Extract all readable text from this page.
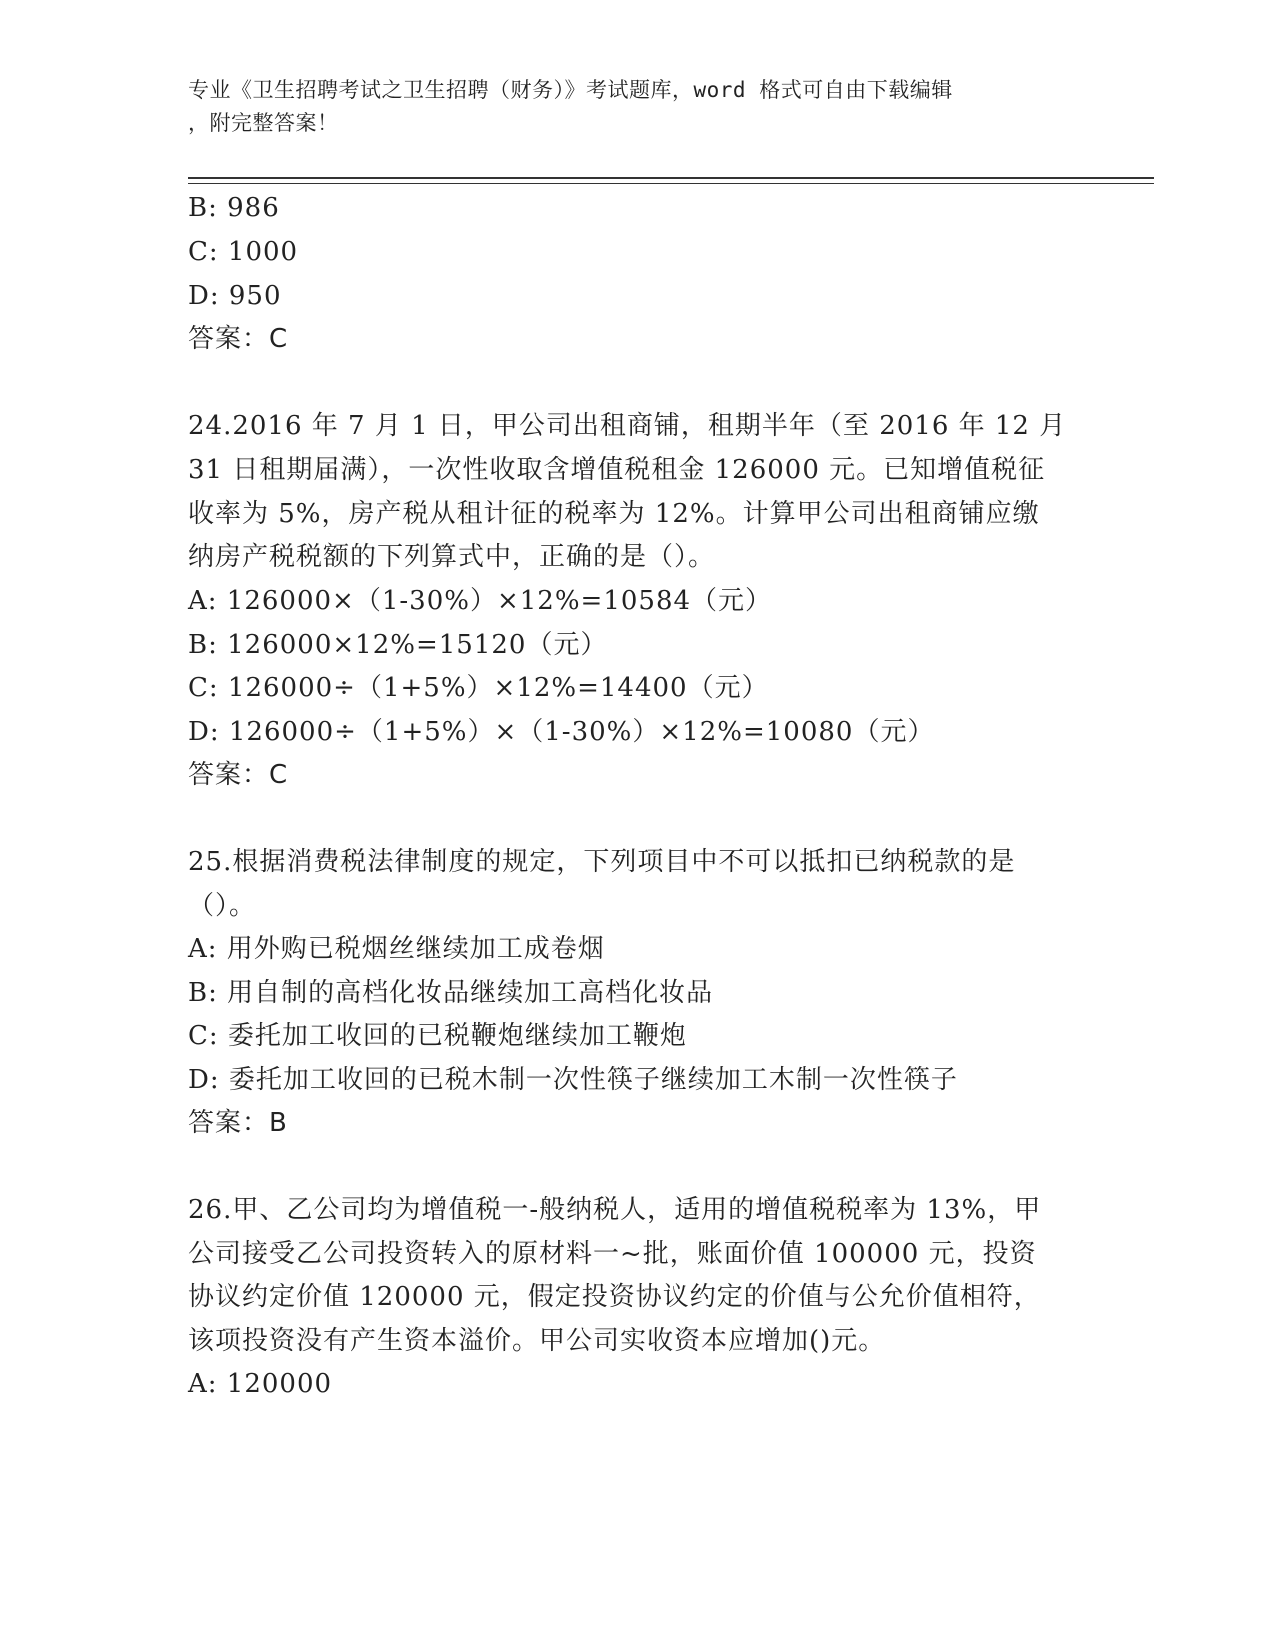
专业《卫生招聘考试之卫生招聘（财务）》考试题库，word 格式可自由下载编辑
，附完整答案！
B: 986
C: 1000
D: 950
答案：C
24.2016 年 7 月 1 日，甲公司出租商铺，租期半年（至 2016 年 12 月
31 日租期届满），一次性收取含增值税租金 126000 元。已知增值税征
收率为 5%，房产税从租计征的税率为 12%。计算甲公司出租商铺应缴
纳房产税税额的下列算式中，正确的是（）。
A: 126000×（1-30%）×12%=10584（元）
B: 126000×12%=15120（元）
C: 126000÷（1+5%）×12%=14400（元）
D: 126000÷（1+5%）×（1-30%）×12%=10080（元）
答案：C
25.根据消费税法律制度的规定，下列项目中不可以抵扣已纳税款的是
（）。
A: 用外购已税烟丝继续加工成卷烟
B: 用自制的高档化妆品继续加工高档化妆品
C: 委托加工收回的已税鞭炮继续加工鞭炮
D: 委托加工收回的已税木制一次性筷子继续加工木制一次性筷子
答案：B
26.甲、乙公司均为增值税一-般纳税人，适用的增值税税率为 13%，甲
公司接受乙公司投资转入的原材料一~批，账面价值 100000 元，投资
协议约定价值 120000 元，假定投资协议约定的价值与公允价值相符，
该项投资没有产生资本溢价。甲公司实收资本应增加()元。
A: 120000
